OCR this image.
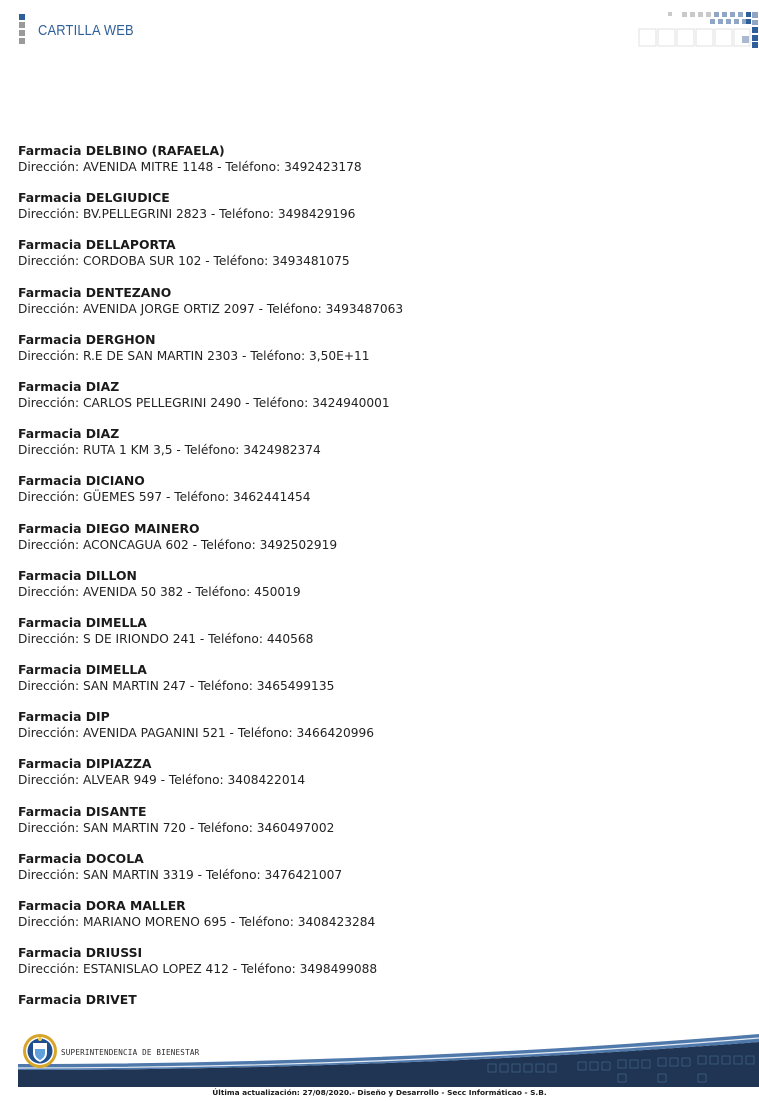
CARTILLA WEB
Farmacia DELBINO (RAFAELA)
Dirección: AVENIDA MITRE 1148 - Teléfono: 3492423178
Farmacia DELGIUDICE
Dirección: BV.PELLEGRINI 2823 - Teléfono: 3498429196
Farmacia DELLAPORTA
Dirección: CORDOBA SUR 102 - Teléfono: 3493481075
Farmacia DENTEZANO
Dirección: AVENIDA JORGE ORTIZ 2097 - Teléfono: 3493487063
Farmacia DERGHON
Dirección: R.E DE SAN MARTIN 2303 - Teléfono: 3,50E+11
Farmacia DIAZ
Dirección: CARLOS PELLEGRINI 2490 - Teléfono: 3424940001
Farmacia DIAZ
Dirección: RUTA 1 KM 3,5 - Teléfono: 3424982374
Farmacia DICIANO
Dirección: GÜEMES 597 - Teléfono: 3462441454
Farmacia DIEGO MAINERO
Dirección: ACONCAGUA 602 - Teléfono: 3492502919
Farmacia DILLON
Dirección: AVENIDA 50 382 - Teléfono: 450019
Farmacia DIMELLA
Dirección: S DE IRIONDO 241 - Teléfono: 440568
Farmacia DIMELLA
Dirección: SAN MARTIN 247 - Teléfono: 3465499135
Farmacia DIP
Dirección: AVENIDA PAGANINI 521 - Teléfono: 3466420996
Farmacia DIPIAZZA
Dirección: ALVEAR 949 - Teléfono: 3408422014
Farmacia DISANTE
Dirección: SAN MARTIN 720 - Teléfono: 3460497002
Farmacia DOCOLA
Dirección: SAN MARTIN 3319 - Teléfono: 3476421007
Farmacia DORA MALLER
Dirección: MARIANO MORENO 695 - Teléfono: 3408423284
Farmacia DRIUSSI
Dirección: ESTANISLAO LOPEZ 412 - Teléfono: 3498499088
Farmacia DRIVET
SUPERINTENDENCIA DE BIENESTAR
Última actualización: 27/08/2020.- Diseño y Desarrollo - Secc Informáticao - S.B.
